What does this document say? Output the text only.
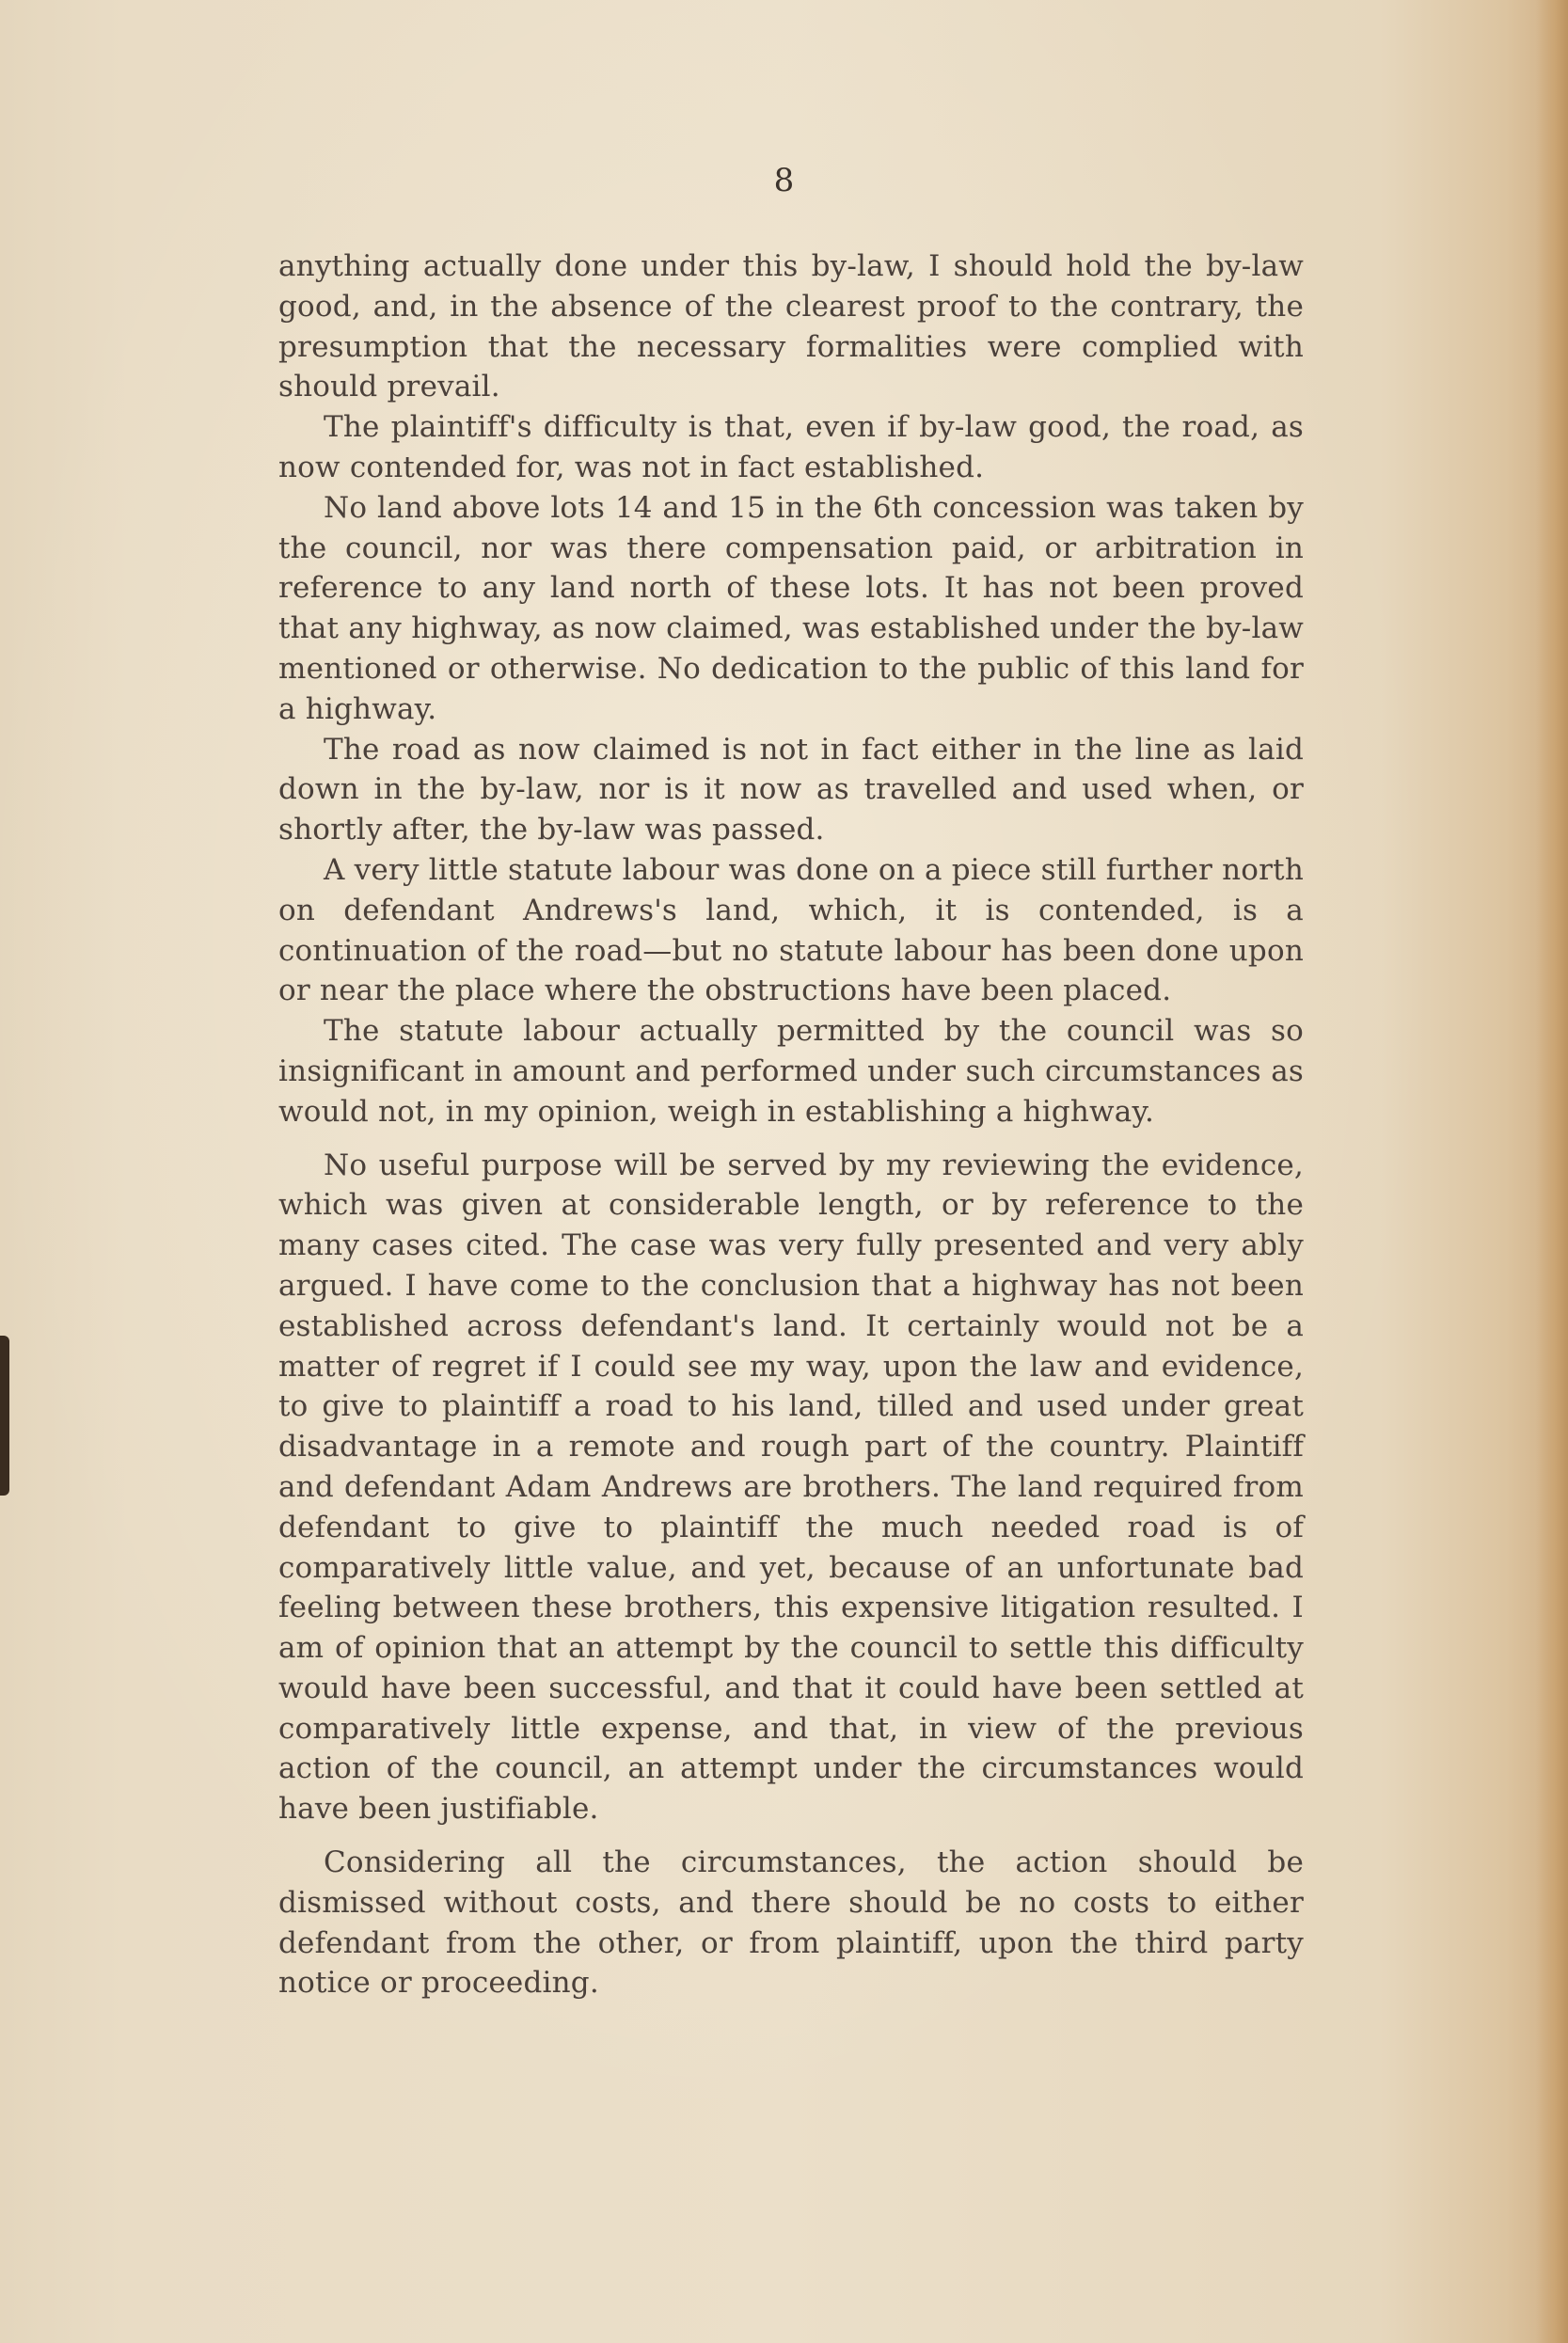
8

anything actually done under this by-law, I should hold the by-law good, and, in the absence of the clearest proof to the contrary, the presumption that the necessary formalities were complied with should prevail.

The plaintiff's difficulty is that, even if by-law good, the road, as now contended for, was not in fact established.

No land above lots 14 and 15 in the 6th concession was taken by the council, nor was there compensation paid, or arbitration in reference to any land north of these lots. It has not been proved that any highway, as now claimed, was established under the by-law mentioned or otherwise. No dedication to the public of this land for a highway.

The road as now claimed is not in fact either in the line as laid down in the by-law, nor is it now as travelled and used when, or shortly after, the by-law was passed.

A very little statute labour was done on a piece still further north on defendant Andrews's land, which, it is contended, is a continuation of the road—but no statute labour has been done upon or near the place where the obstructions have been placed.

The statute labour actually permitted by the council was so insignificant in amount and performed under such circumstances as would not, in my opinion, weigh in establishing a highway.

No useful purpose will be served by my reviewing the evidence, which was given at considerable length, or by reference to the many cases cited. The case was very fully presented and very ably argued. I have come to the conclusion that a highway has not been established across defendant's land. It certainly would not be a matter of regret if I could see my way, upon the law and evidence, to give to plaintiff a road to his land, tilled and used under great disadvantage in a remote and rough part of the country. Plaintiff and defendant Adam Andrews are brothers. The land required from defendant to give to plaintiff the much needed road is of comparatively little value, and yet, because of an unfortunate bad feeling between these brothers, this expensive litigation resulted. I am of opinion that an attempt by the council to settle this difficulty would have been successful, and that it could have been settled at comparatively little expense, and that, in view of the previous action of the council, an attempt under the circumstances would have been justifiable.

Considering all the circumstances, the action should be dismissed without costs, and there should be no costs to either defendant from the other, or from plaintiff, upon the third party notice or proceeding.
